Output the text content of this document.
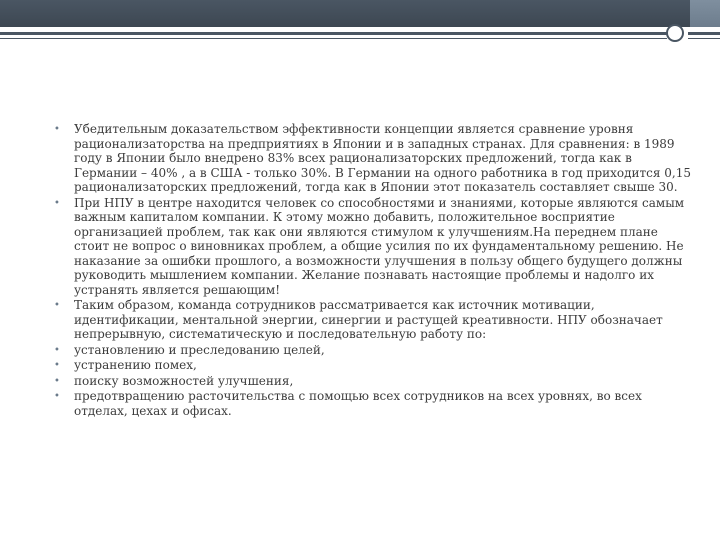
• Убедительным доказательством эффективности концепции является сравнение уровня рационализаторства на предприятиях в Японии и в западных странах. Для сравнения: в 1989 году в Японии было внедрено 83% всех рационализаторских предложений, тогда как в Германии – 40% , а в США - только 30%. В Германии на одного работника в год приходится 0,15 рационализаторских предложений, тогда как в Японии этот показатель составляет свыше 30.
• При НПУ в центре находится человек со способностями и знаниями, которые являются самым важным капиталом компании. К этому можно добавить, положительное восприятие организацией проблем, так как они являются стимулом к улучшениям.На переднем плане стоит не вопрос о виновниках проблем, а общие усилия по их фундаментальному решению. Не наказание за ошибки прошлого, а возможности улучшения в пользу общего будущего должны руководить мышлением компании. Желание познавать настоящие проблемы и надолго их устранять является решающим!
• Таким образом, команда сотрудников рассматривается как источник мотивации, идентификации, ментальной энергии, синергии и растущей креативности. НПУ обозначает непрерывную, систематическую и последовательную работу по:
• установлению и преследованию целей,
• устранению помех,
• поиску возможностей улучшения,
• предотвращению расточительства с помощью всех сотрудников на всех уровнях, во всех отделах, цехах и офисах.
